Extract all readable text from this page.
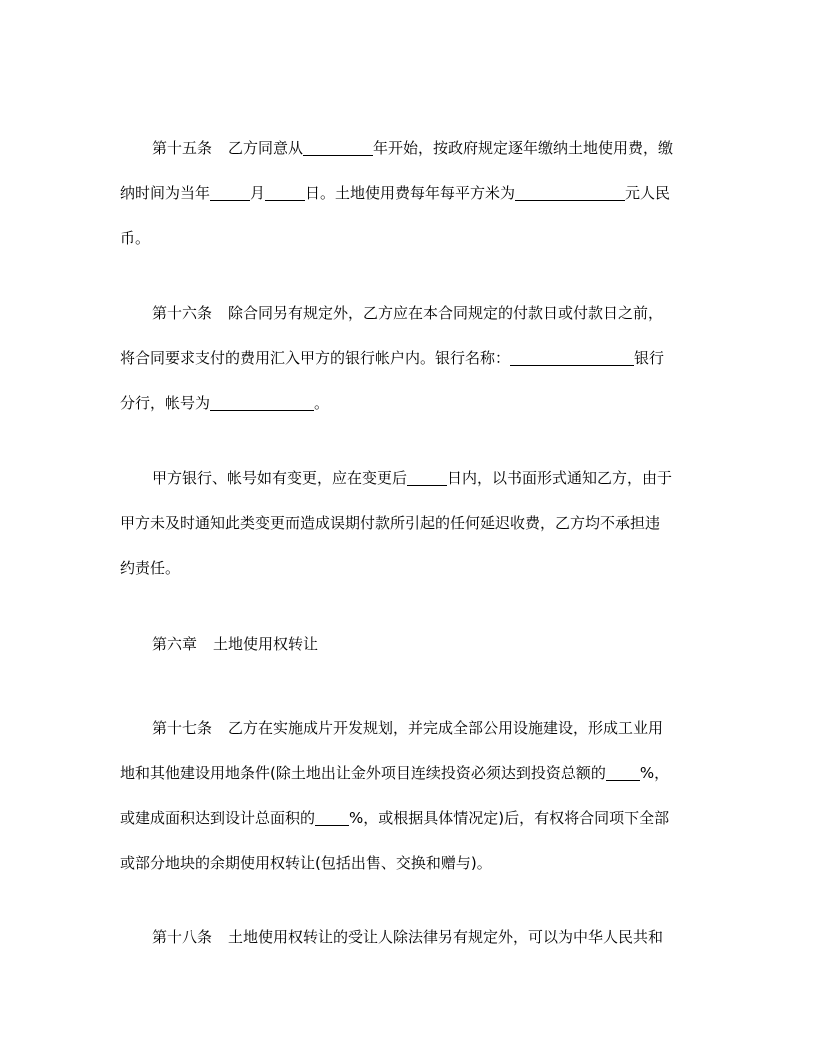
第十五条 乙方同意从	年开始，按政府规定逐年缴纳土地使用费，缴
纳时间为当年	月	日。土地使用费每年每平方米为	元人民
币。
第十六条 除合同另有规定外，乙方应在本合同规定的付款日或付款日之前，
将合同要求支付的费用汇入甲方的银行帐户内。银行名称：	银行
分行，帐号为	。
甲方银行、帐号如有变更，应在变更后	日内，以书面形式通知乙方，由于
甲方未及时通知此类变更而造成误期付款所引起的任何延迟收费，乙方均不承担违
约责任。
第六章 土地使用权转让
第十七条 乙方在实施成片开发规划，并完成全部公用设施建设，形成工业用
地和其他建设用地条件(除土地出让金外项目连续投资必须达到投资总额的 %，
或建成面积达到设计总面积的 %，或根据具体情况定)后，有权将合同项下全部
或部分地块的余期使用权转让(包括出售、交换和赠与)。
第十八条 土地使用权转让的受让人除法律另有规定外，可以为中华人民共和
